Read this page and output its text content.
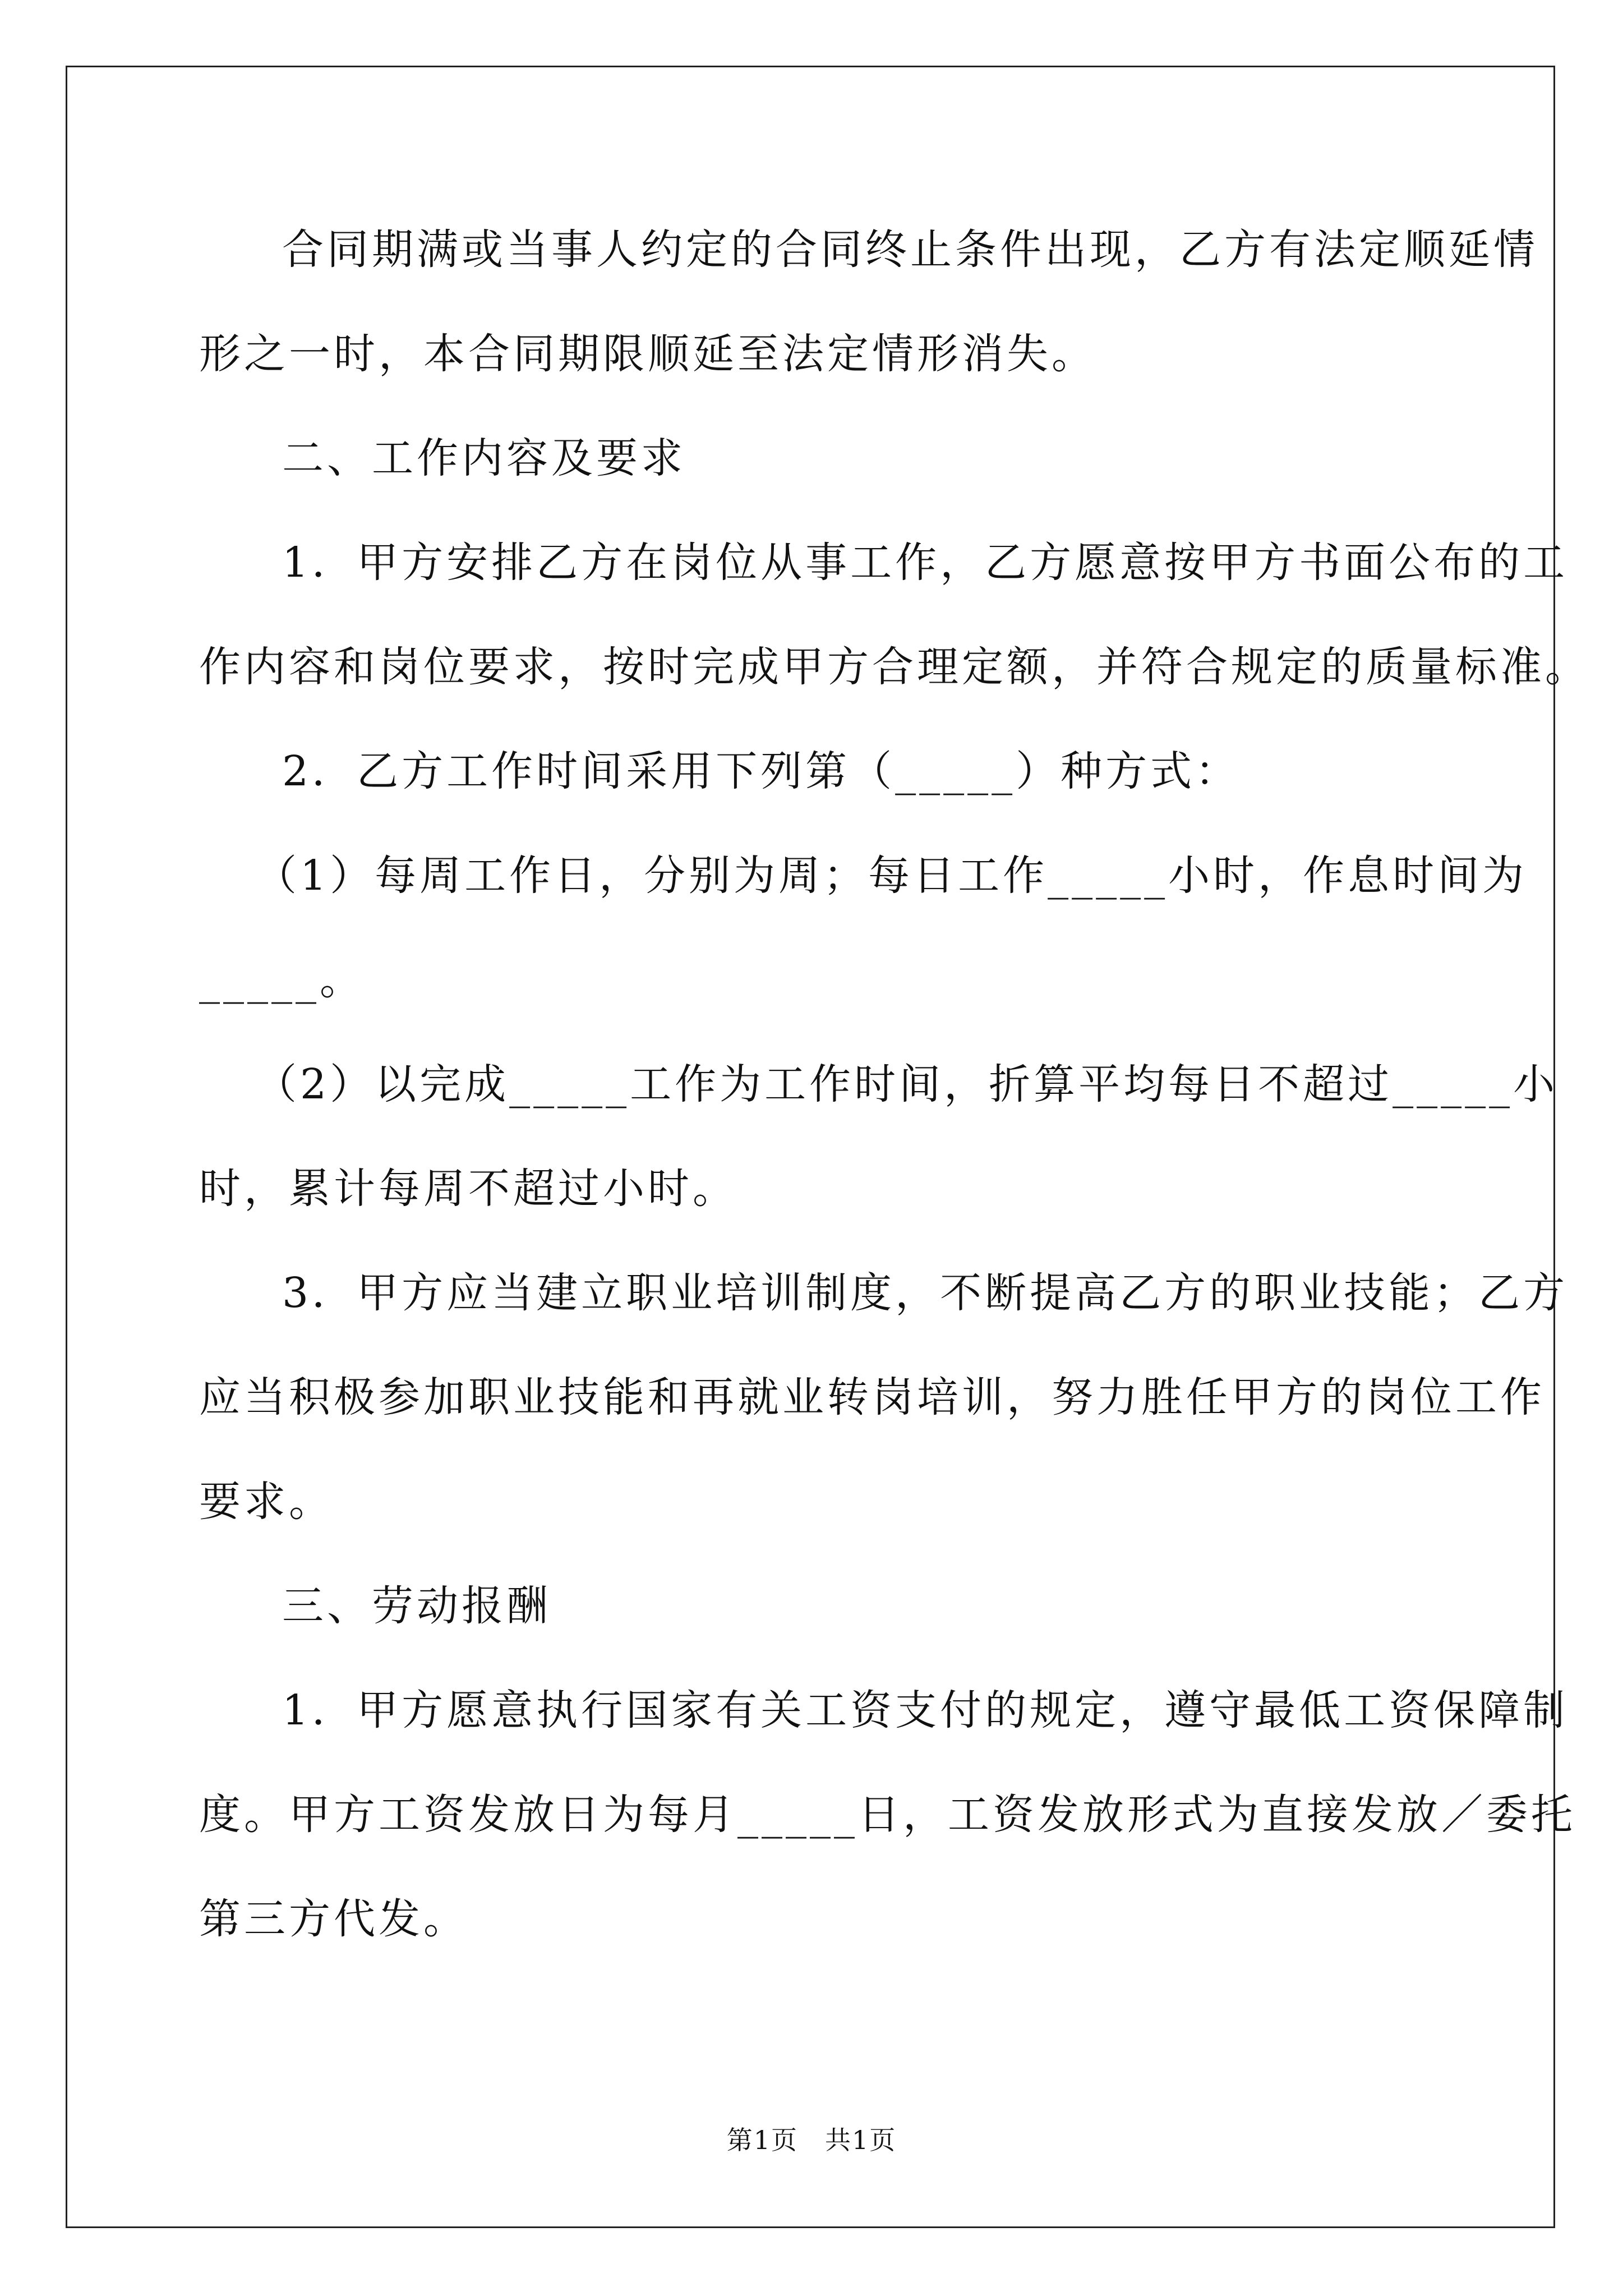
合同期满或当事人约定的合同终止条件出现，乙方有法定顺延情
形之一时，本合同期限顺延至法定情形消失。
二、工作内容及要求
1．甲方安排乙方在岗位从事工作，乙方愿意按甲方书面公布的工
作内容和岗位要求，按时完成甲方合理定额，并符合规定的质量标准。
2．乙方工作时间采用下列第（_____）种方式：
（1）每周工作日，分别为周；每日工作_____小时，作息时间为
_____。
（2）以完成_____工作为工作时间，折算平均每日不超过_____小
时，累计每周不超过小时。
3．甲方应当建立职业培训制度，不断提高乙方的职业技能；乙方
应当积极参加职业技能和再就业转岗培训，努力胜任甲方的岗位工作
要求。
三、劳动报酬
1．甲方愿意执行国家有关工资支付的规定，遵守最低工资保障制
度。甲方工资发放日为每月_____日，工资发放形式为直接发放／委托
第三方代发。
第1页　共1页
